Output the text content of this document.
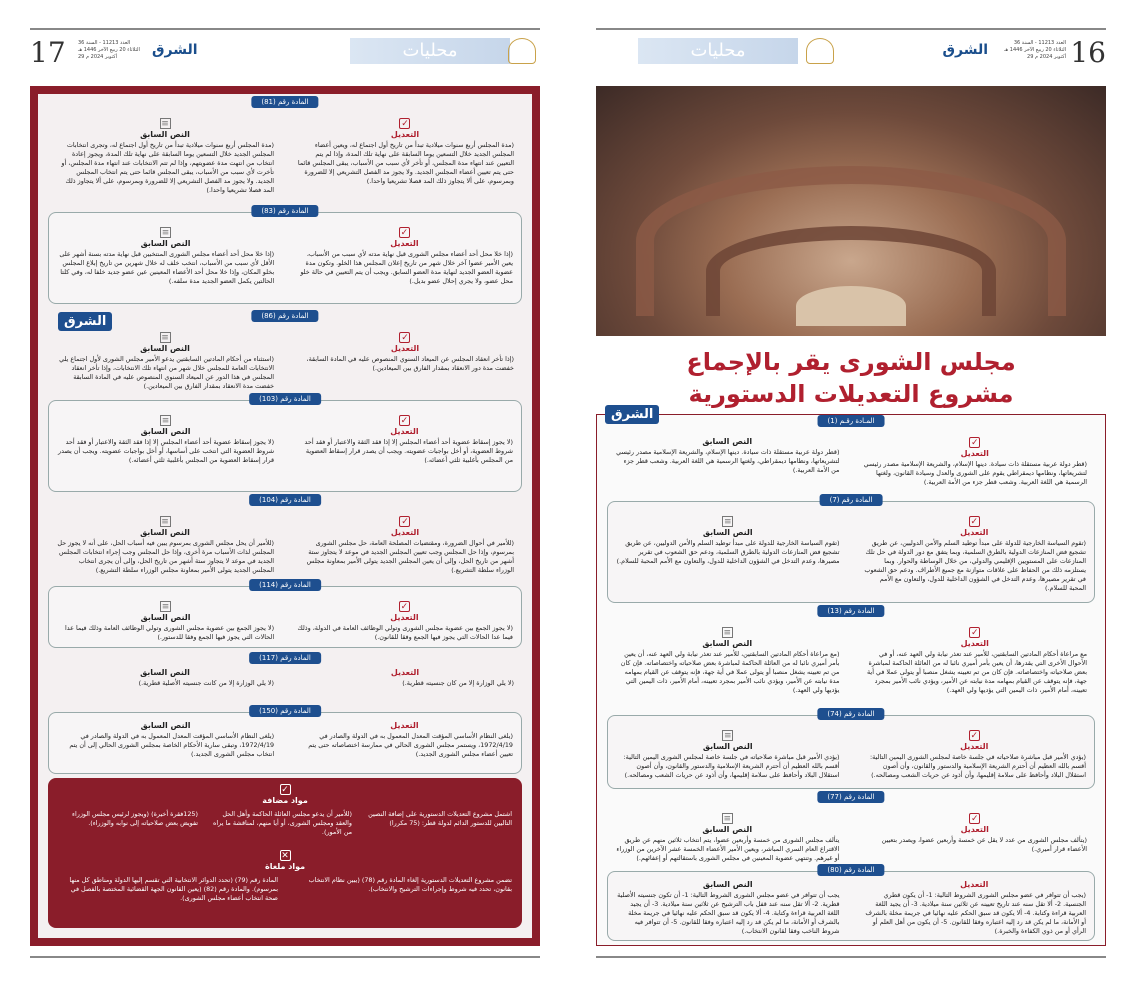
17 العدد 11213 - السنة 36
الثلاثاء 20 ربيع الآخر 1446 هـ
29 أكتوبر 2024 م	الشرق	محليات
المادة رقم (81)
✓
التعديل
(مدة المجلس أربع سنوات ميلادية تبدأ من تاريخ أول اجتماع له، ويعين أعضاء المجلس الجديد خلال التسعين يوما السابقة على نهاية تلك المدة، وإذا لم يتم التعيين عند انتهاء مدة المجلس، أو تأخر لأي سبب من الأسباب، يبقى المجلس قائما حتى يتم تعيين أعضاء المجلس الجديد. ولا يجوز مد الفصل التشريعي إلا للضرورة وبمرسوم، على ألا يتجاوز ذلك المد فصلا تشريعيا واحدا.)
≡
النص السابق
(مدة المجلس أربع سنوات ميلادية تبدأ من تاريخ أول اجتماع له، وتجرى انتخابات المجلس الجديد خلال التسعين يوما السابقة على نهاية تلك المدة، ويجوز إعادة انتخاب من انتهت مدة عضويتهم، وإذا لم تتم الانتخابات عند انتهاء مدة المجلس، أو تأخرت لأي سبب من الأسباب، يبقى المجلس قائما حتى يتم انتخاب المجلس الجديد. ولا يجوز مد الفصل التشريعي إلا للضرورة وبمرسوم، على ألا يتجاوز ذلك المد فصلا تشريعيا واحدا.)
المادة رقم (83)
✓
التعديل
(إذا خلا محل أحد أعضاء مجلس الشورى قبل نهاية مدته لأي سبب من الأسباب، يعين الأمير عضوا آخر خلال شهر من تاريخ إعلان المجلس هذا الخلو. وتكون مدة عضوية العضو الجديد لنهاية مدة العضو السابق. ويجب أن يتم التعيين في حالة خلو محل عضو، ولا يجري إحلال عضو بديل.)
≡
النص السابق
(إذا خلا محل أحد أعضاء مجلس الشورى المنتخبين قبل نهاية مدته بسنة أشهر على الأقل لأي سبب من الأسباب، انتخب خلف له خلال شهرين من تاريخ إبلاغ المجلس بخلو المكان، وإذا خلا محل أحد الأعضاء المعينين عين عضو جديد خلفا له، وفي كلتا الحالتين يكمل العضو الجديد مدة سلفه.)
المادة رقم (86)
الشرق
✓
التعديل
(إذا تأخر انعقاد المجلس عن الميعاد السنوي المنصوص عليه في المادة السابقة، خفضت مدة دور الانعقاد بمقدار الفارق بين الميعادين.)
≡
النص السابق
(استثناء من أحكام المادتين السابقتين يدعو الأمير مجلس الشورى لأول اجتماع يلي الانتخابات العامة للمجلس خلال شهر من انتهاء تلك الانتخابات، وإذا تأخر انعقاد المجلس في هذا الدور عن الميعاد السنوي المنصوص عليه في المادة السابقة خفضت مدة الانعقاد بمقدار الفارق بين الميعادين.)
المادة رقم (103)
✓
التعديل
(لا يجوز إسقاط عضوية أحد أعضاء المجلس إلا إذا فقد الثقة والاعتبار أو فقد أحد شروط العضوية، أو أخل بواجبات عضويته. ويجب أن يصدر قرار إسقاط العضوية من المجلس بأغلبية ثلثي أعضائه.)
≡
النص السابق
(لا يجوز إسقاط عضوية أحد أعضاء المجلس إلا إذا فقد الثقة والاعتبار أو فقد أحد شروط العضوية التي انتخب على أساسها، أو أخل بواجبات عضويته. ويجب أن يصدر قرار إسقاط العضوية من المجلس بأغلبية ثلثي أعضائه.)
المادة رقم (104)
✓
التعديل
(للأمير في أحوال الضرورة، ومقتضيات المصلحة العامة، حل مجلس الشورى بمرسوم، وإذا حل المجلس وجب تعيين المجلس الجديد في موعد لا يتجاوز ستة أشهر من تاريخ الحل، وإلى أن يعين المجلس الجديد يتولى الأمير بمعاونة مجلس الوزراء سلطة التشريع.)
≡
النص السابق
(للأمير أن يحل مجلس الشورى بمرسوم يبين فيه أسباب الحل، على أنه لا يجوز حل المجلس لذات الأسباب مرة أخرى، وإذا حل المجلس وجب إجراء انتخابات المجلس الجديد في موعد لا يتجاوز ستة أشهر من تاريخ الحل، وإلى أن يجرى انتخاب المجلس الجديد يتولى الأمير بمعاونة مجلس الوزراء سلطة التشريع.)
المادة رقم (114)
✓
التعديل
(لا يجوز الجمع بين عضوية مجلس الشورى وتولي الوظائف العامة في الدولة، وذلك فيما عدا الحالات التي يجوز فيها الجمع وفقا للقانون.)
≡
النص السابق
(لا يجوز الجمع بين عضوية مجلس الشورى وتولي الوظائف العامة وذلك فيما عدا الحالات التي يجوز فيها الجمع وفقا للدستور.)
المادة رقم (117)
التعديل
(لا يلي الوزارة إلا من كان جنسيته قطرية.)
النص السابق
(لا يلي الوزارة إلا من كانت جنسيته الأصلية قطرية.)
المادة رقم (150)
التعديل
(يلغى النظام الأساسي المؤقت المعدل المعمول به في الدولة والصادر في 1972/4/19، ويستمر مجلس الشورى الحالي في ممارسة اختصاصاته حتى يتم تعيين أعضاء مجلس الشورى الجديد.)
النص السابق
(يلغى النظام الأساسي المؤقت المعدل المعمول به في الدولة والصادر في 1972/4/19، وتبقى سارية الأحكام الخاصة بمجلس الشورى الحالي إلى أن يتم انتخاب مجلس الشورى الجديد.)
✓
مواد مضافة
اشتمل مشروع التعديلات الدستورية على إضافة النصين التاليين للدستور الدائم لدولة قطر: (75 مكررا)
(للأمير أن يدعو مجلس العائلة الحاكمة وأهل الحل والعقد ومجلس الشورى، أو أيا منهم، لمناقشة ما يراه من الأمور).
(125فقرة أخيرة) (ويجوز لرئيس مجلس الوزراء تفويض بعض صلاحياته إلى نوابه والوزراء).
✕
مواد ملغاة
تضمن مشروع التعديلات الدستورية إلغاء المادة رقم (78) (يبين نظام الانتخاب بقانون، تحدد فيه شروط وإجراءات الترشيح والانتخاب).
المادة رقم (79) (تحدد الدوائر الانتخابية التي تقسم إليها الدولة ومناطق كل منها بمرسوم). والمادة رقم (82) (يعين القانون الجهة القضائية المختصة بالفصل في صحة انتخاب أعضاء مجلس الشورى).
16
العدد 11213 - السنة 36
الثلاثاء 20 ربيع الآخر 1446 هـ
29 أكتوبر 2024 م
الشرق
محليات
مجلس الشورى يقر بالإجماع
مشروع التعديلات الدستورية
الشرق	المـادة رقـم (1)
✓
التعديل
(قطر دولة عربية مستقلة ذات سيادة. دينها الإسلام، والشريعة الإسلامية مصدر رئيسي لتشريعاتها، ونظامها ديمقراطي يقوم على الشورى والعدل وسيادة القانون، ولغتها الرسمية هي اللغة العربية. وشعب قطر جزء من الأمة العربية.)
النص السابق
(قطر دولة عربية مستقلة ذات سيادة. دينها الإسلام، والشريعة الإسلامية مصدر رئيسي لتشريعاتها، ونظامها ديمقراطي، ولغتها الرسمية هي اللغة العربية. وشعب قطر جزء من الأمة العربية.)
المادة رقم (7)
✓
التعديل
(تقوم السياسة الخارجية للدولة على مبدأ توطيد السلم والأمن الدوليين، عن طريق تشجيع فض المنازعات الدولية بالطرق السلمية، وبما يتفق مع دور الدولة في حل تلك المنازعات على المستويين الإقليمي والدولي، من خلال الوساطة والحوار. وبما يستلزمه ذلك من الحفاظ على علاقات متوازنة مع جميع الأطراف. ودعم حق الشعوب في تقرير مصيرها، وعدم التدخل في الشؤون الداخلية للدول، والتعاون مع الأمم المحبة للسلام.)
≡
النص السابق
(تقوم السياسة الخارجية للدولة على مبدأ توطيد السلم والأمن الدوليين، عن طريق تشجيع فض المنازعات الدولية بالطرق السلمية، ودعم حق الشعوب في تقرير مصيرها، وعدم التدخل في الشؤون الداخلية للدول، والتعاون مع الأمم المحبة للسلام.)
المادة رقم (13)
✓
التعديل
مع مراعاة أحكام المادتين السابقتين، للأمير عند تعذر نيابة ولي العهد عنه، أو في الأحوال الأخرى التي يقدرها، أن يعين بأمر أميري نائبا له من العائلة الحاكمة لمباشرة بعض صلاحياته واختصاصاته. فإن كان من تم تعيينه يشغل منصبا أو يتولى عملا في أية جهة، فإنه يتوقف عن القيام بمهامه مدة نيابته عن الأمير، ويؤدي نائب الأمير بمجرد تعيينه، أمام الأمير، ذات اليمين التي يؤديها ولي العهد.)
≡
النص السابق
(مع مراعاة أحكام المادتين السابقتين، للأمير عند تعذر نيابة ولي العهد عنه، أن يعين بأمر أميري نائبا له من العائلة الحاكمة لمباشرة بعض صلاحياته واختصاصاته. فإن كان من تم تعيينه يشغل منصبا أو يتولى عملا في أية جهة، فإنه يتوقف عن القيام بمهامه مدة نيابته عن الأمير، ويؤدي نائب الأمير بمجرد تعيينه، أمام الأمير، ذات اليمين التي يؤديها ولي العهد.)
المادة رقم (74)
✓
التعديل
(يؤدي الأمير قبل مباشرة صلاحياته في جلسة خاصة لمجلس الشورى اليمين التالية: أقسم بالله العظيم أن أحترم الشريعة الإسلامية والدستور والقانون، وأن أصون استقلال البلاد وأحافظ على سلامة إقليمها، وأن أذود عن حريات الشعب ومصالحه.)
≡
النص السابق
(يؤدي الأمير قبل مباشرة صلاحياته في جلسة خاصة لمجلس الشورى اليمين التالية: أقسم بالله العظيم أن أحترم الشريعة الإسلامية والدستور والقانون، وأن أصون استقلال البلاد وأحافظ على سلامة إقليمها، وأن أذود عن حريات الشعب ومصالحه.)
المادة رقم (77)
✓
التعديل
(يتألف مجلس الشورى من عدد لا يقل عن خمسة وأربعين عضوا، ويصدر بتعيين الأعضاء قرار أميري.)
≡
النص السابق
يتألف مجلس الشورى من خمسة وأربعين عضوا، يتم انتخاب ثلاثين منهم عن طريق الاقتراع العام السري المباشر، ويعين الأمير الأعضاء الخمسة عشر الآخرين من الوزراء أو غيرهم. وتنتهي عضوية المعينين في مجلس الشورى باستقالتهم أو إعفائهم.)
المادة رقم (80)
التعديل
(يجب أن تتوافر في عضو مجلس الشورى الشروط التالية: 1- أن يكون قطري الجنسية. 2- ألا تقل سنه عند تاريخ تعيينه عن ثلاثين سنة ميلادية. 3- أن يجيد اللغة العربية قراءة وكتابة. 4- ألا يكون قد سبق الحكم عليه نهائيا في جريمة مخلة بالشرف أو الأمانة، ما لم يكن قد رد إليه اعتباره وفقا للقانون. 5- أن يكون من أهل العلم أو الرأي أو من ذوي الكفاءة والخبرة.)
النص السابق
يجب أن تتوافر في عضو مجلس الشورى الشروط التالية: 1- أن تكون جنسيته الأصلية قطرية. 2- ألا تقل سنه عند قفل باب الترشيح عن ثلاثين سنة ميلادية. 3- أن يجيد اللغة العربية قراءة وكتابة. 4- ألا يكون قد سبق الحكم عليه نهائيا في جريمة مخلة بالشرف أو الأمانة، ما لم يكن قد رد إليه اعتباره وفقا للقانون. 5- أن تتوافر فيه شروط الناخب وفقا لقانون الانتخاب.)
